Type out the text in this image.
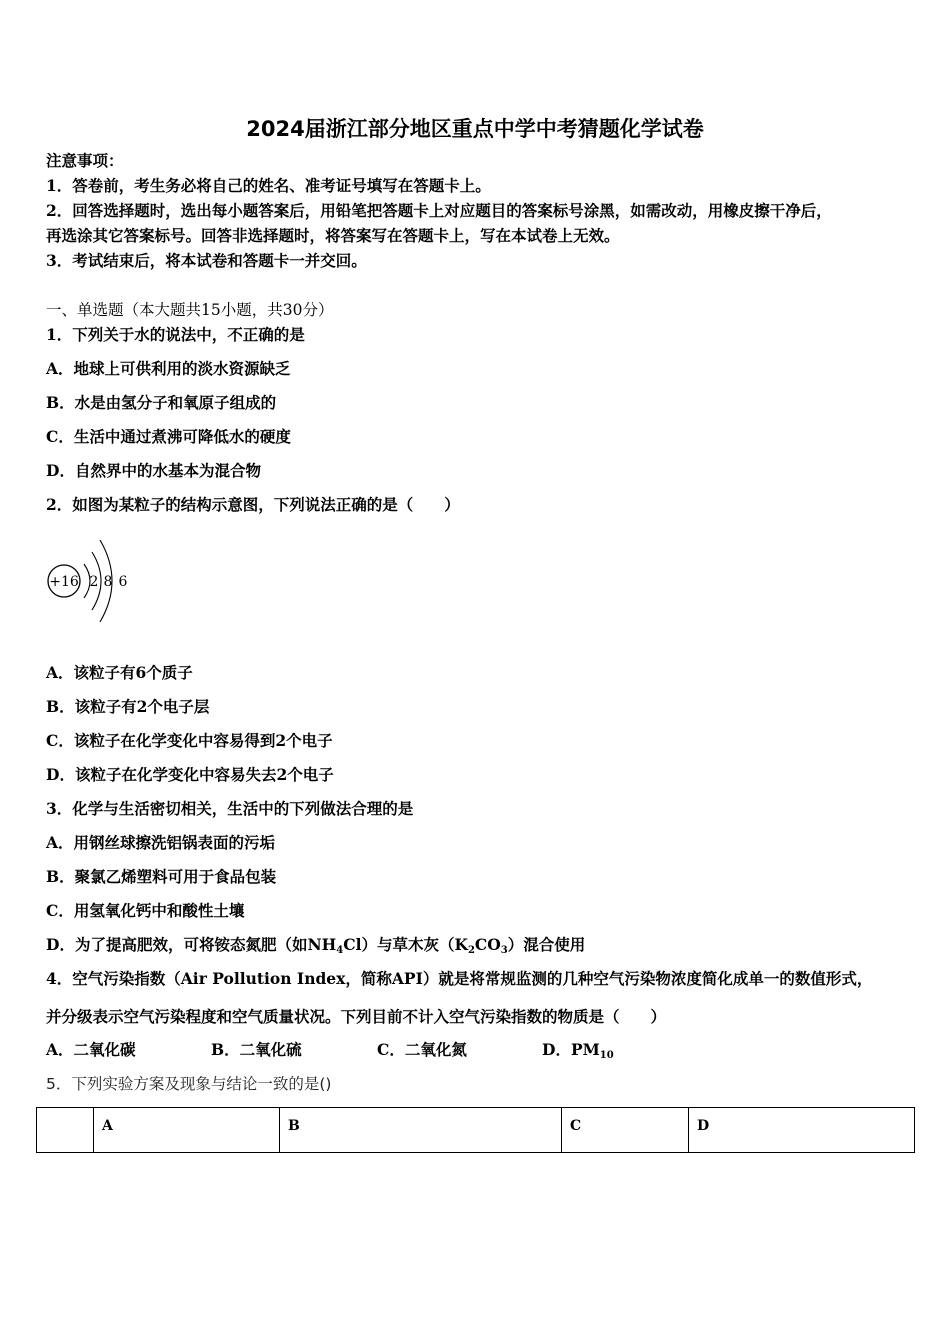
2024届浙江部分地区重点中学中考猜题化学试卷
注意事项：
1．答卷前，考生务必将自己的姓名、准考证号填写在答题卡上。
2．回答选择题时，选出每小题答案后，用铅笔把答题卡上对应题目的答案标号涂黑，如需改动，用橡皮擦干净后，
再选涂其它答案标号。回答非选择题时，将答案写在答题卡上，写在本试卷上无效。
3．考试结束后，将本试卷和答题卡一并交回。
一、单选题（本大题共15小题，共30分）
1．下列关于水的说法中，不正确的是
A．地球上可供利用的淡水资源缺乏
B．水是由氢分子和氧原子组成的
C．生活中通过煮沸可降低水的硬度
D．自然界中的水基本为混合物
2．如图为某粒子的结构示意图，下列说法正确的是（　　）
+16 2 8 6
A．该粒子有6个质子
B．该粒子有2个电子层
C．该粒子在化学变化中容易得到2个电子
D．该粒子在化学变化中容易失去2个电子
3．化学与生活密切相关，生活中的下列做法合理的是
A．用钢丝球擦洗铝锅表面的污垢
B．聚氯乙烯塑料可用于食品包装
C．用氢氧化钙中和酸性土壤
D．为了提高肥效，可将铵态氮肥（如$NH_4Cl$）与草木灰$(K_2CO_3)$混合使用
4．空气污染指数（Air Pollution Index，简称API）就是将常规监测的几种空气污染物浓度简化成单一的数值形式，
并分级表示空气污染程度和空气质量状况。下列目前不计入空气污染指数的物质是（　　）
A．二氧化碳	B．二氧化硫	C．二氧化氮	D．$PM_{10}$
5．下列实验方案及现象与结论一致的是()
	A	B	C	D
